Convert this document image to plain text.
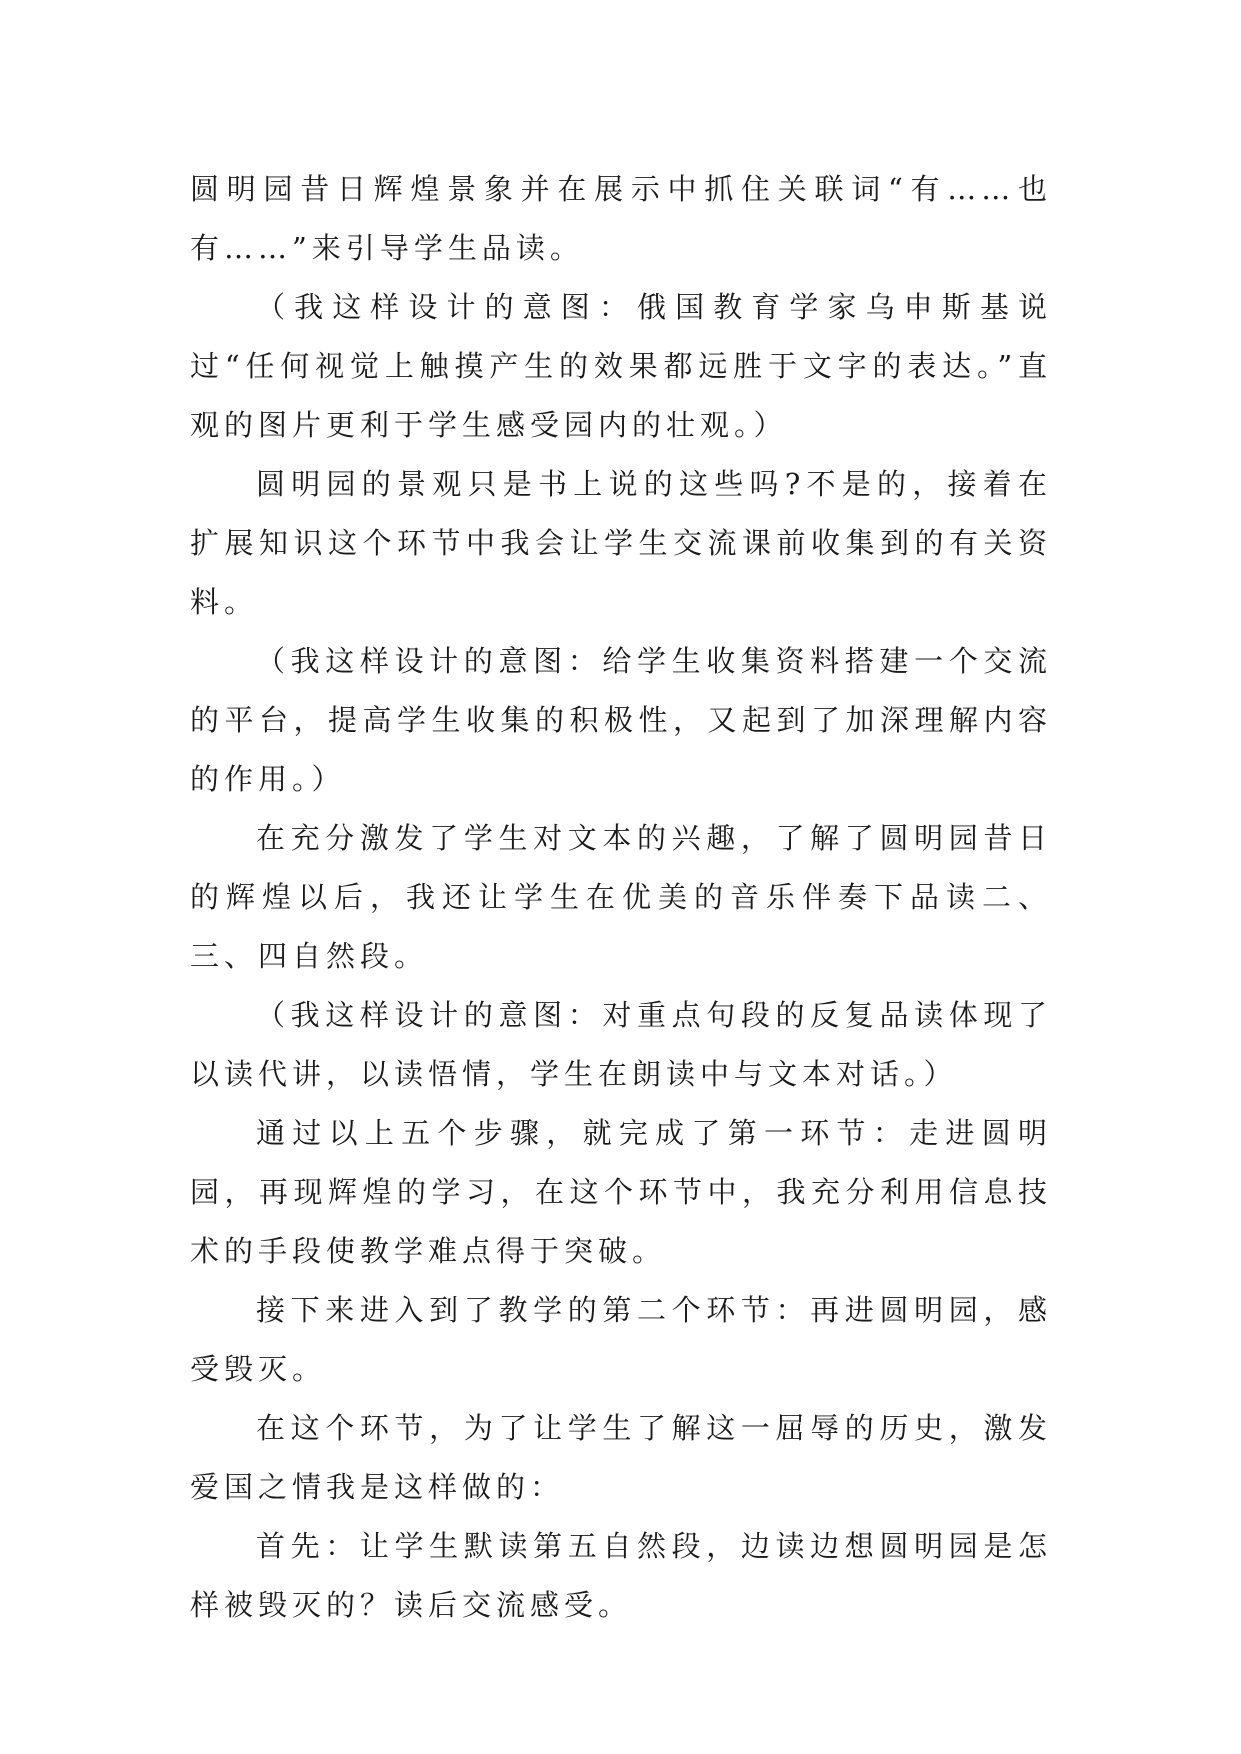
圆明园昔日辉煌景象并在展示中抓住关联词“有……也有……”来引导学生品读。

（我这样设计的意图：俄国教育学家乌申斯基说过“任何视觉上触摸产生的效果都远胜于文字的表达。”直观的图片更利于学生感受园内的壮观。）

圆明园的景观只是书上说的这些吗?不是的，接着在扩展知识这个环节中我会让学生交流课前收集到的有关资料。

（我这样设计的意图：给学生收集资料搭建一个交流的平台，提高学生收集的积极性，又起到了加深理解内容的作用。）

在充分激发了学生对文本的兴趣，了解了圆明园昔日的辉煌以后，我还让学生在优美的音乐伴奏下品读二、三、四自然段。

（我这样设计的意图：对重点句段的反复品读体现了以读代讲，以读悟情，学生在朗读中与文本对话。）

通过以上五个步骤，就完成了第一环节：走进圆明园，再现辉煌的学习，在这个环节中，我充分利用信息技术的手段使教学难点得于突破。

接下来进入到了教学的第二个环节：再进圆明园，感受毁灭。

在这个环节，为了让学生了解这一屈辱的历史，激发爱国之情我是这样做的：

首先：让学生默读第五自然段，边读边想圆明园是怎样被毁灭的？读后交流感受。
